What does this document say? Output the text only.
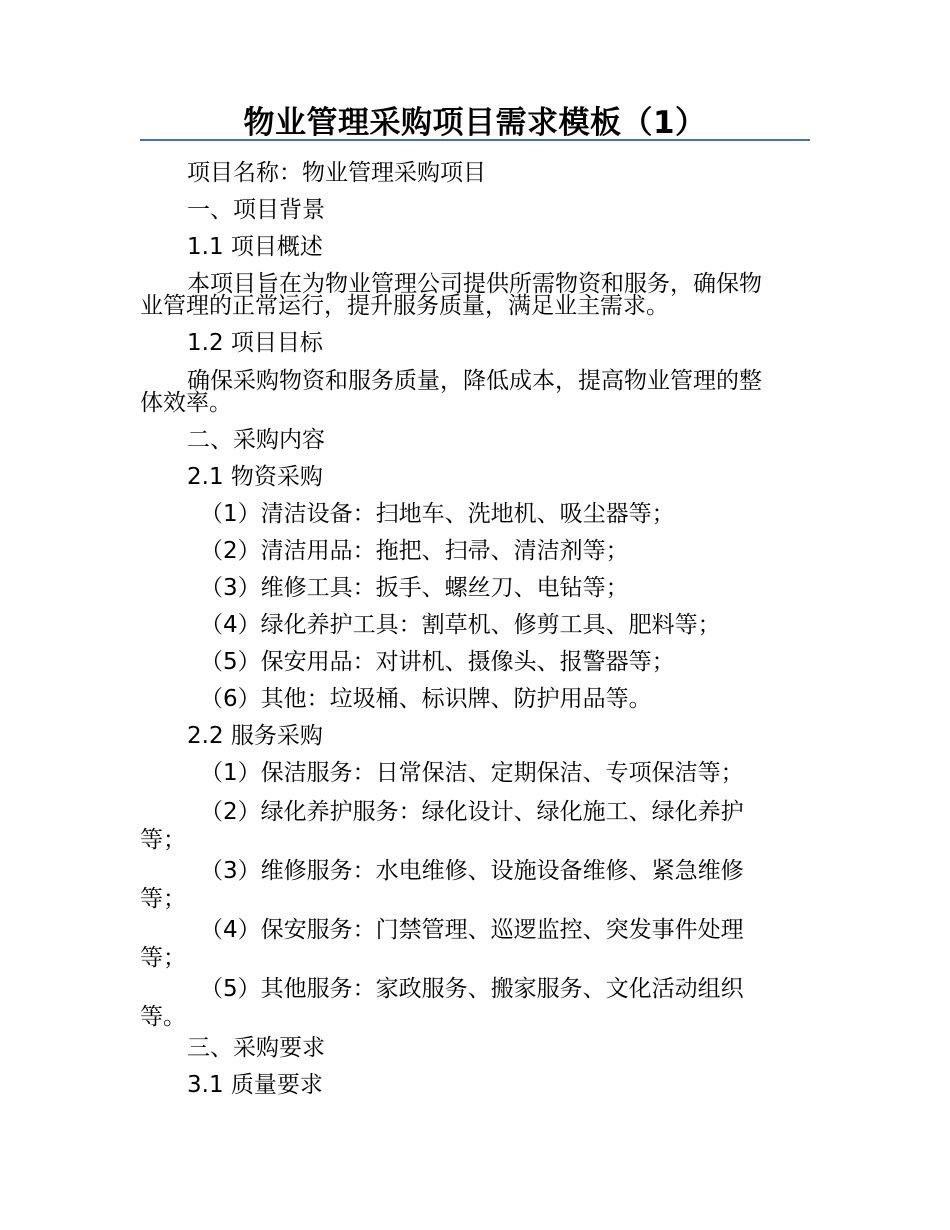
物业管理采购项目需求模板（1）
项目名称：物业管理采购项目
一、项目背景
1.1 项目概述
本项目旨在为物业管理公司提供所需物资和服务，确保物
业管理的正常运行，提升服务质量，满足业主需求。
1.2 项目目标
确保采购物资和服务质量，降低成本，提高物业管理的整
体效率。
二、采购内容
2.1 物资采购
（1）清洁设备：扫地车、洗地机、吸尘器等；
（2）清洁用品：拖把、扫帚、清洁剂等；
（3）维修工具：扳手、螺丝刀、电钻等；
（4）绿化养护工具：割草机、修剪工具、肥料等；
（5）保安用品：对讲机、摄像头、报警器等；
（6）其他：垃圾桶、标识牌、防护用品等。
2.2 服务采购
（1）保洁服务：日常保洁、定期保洁、专项保洁等；
（2）绿化养护服务：绿化设计、绿化施工、绿化养护
等；
（3）维修服务：水电维修、设施设备维修、紧急维修
等；
（4）保安服务：门禁管理、巡逻监控、突发事件处理
等；
（5）其他服务：家政服务、搬家服务、文化活动组织
等。
三、采购要求
3.1 质量要求
